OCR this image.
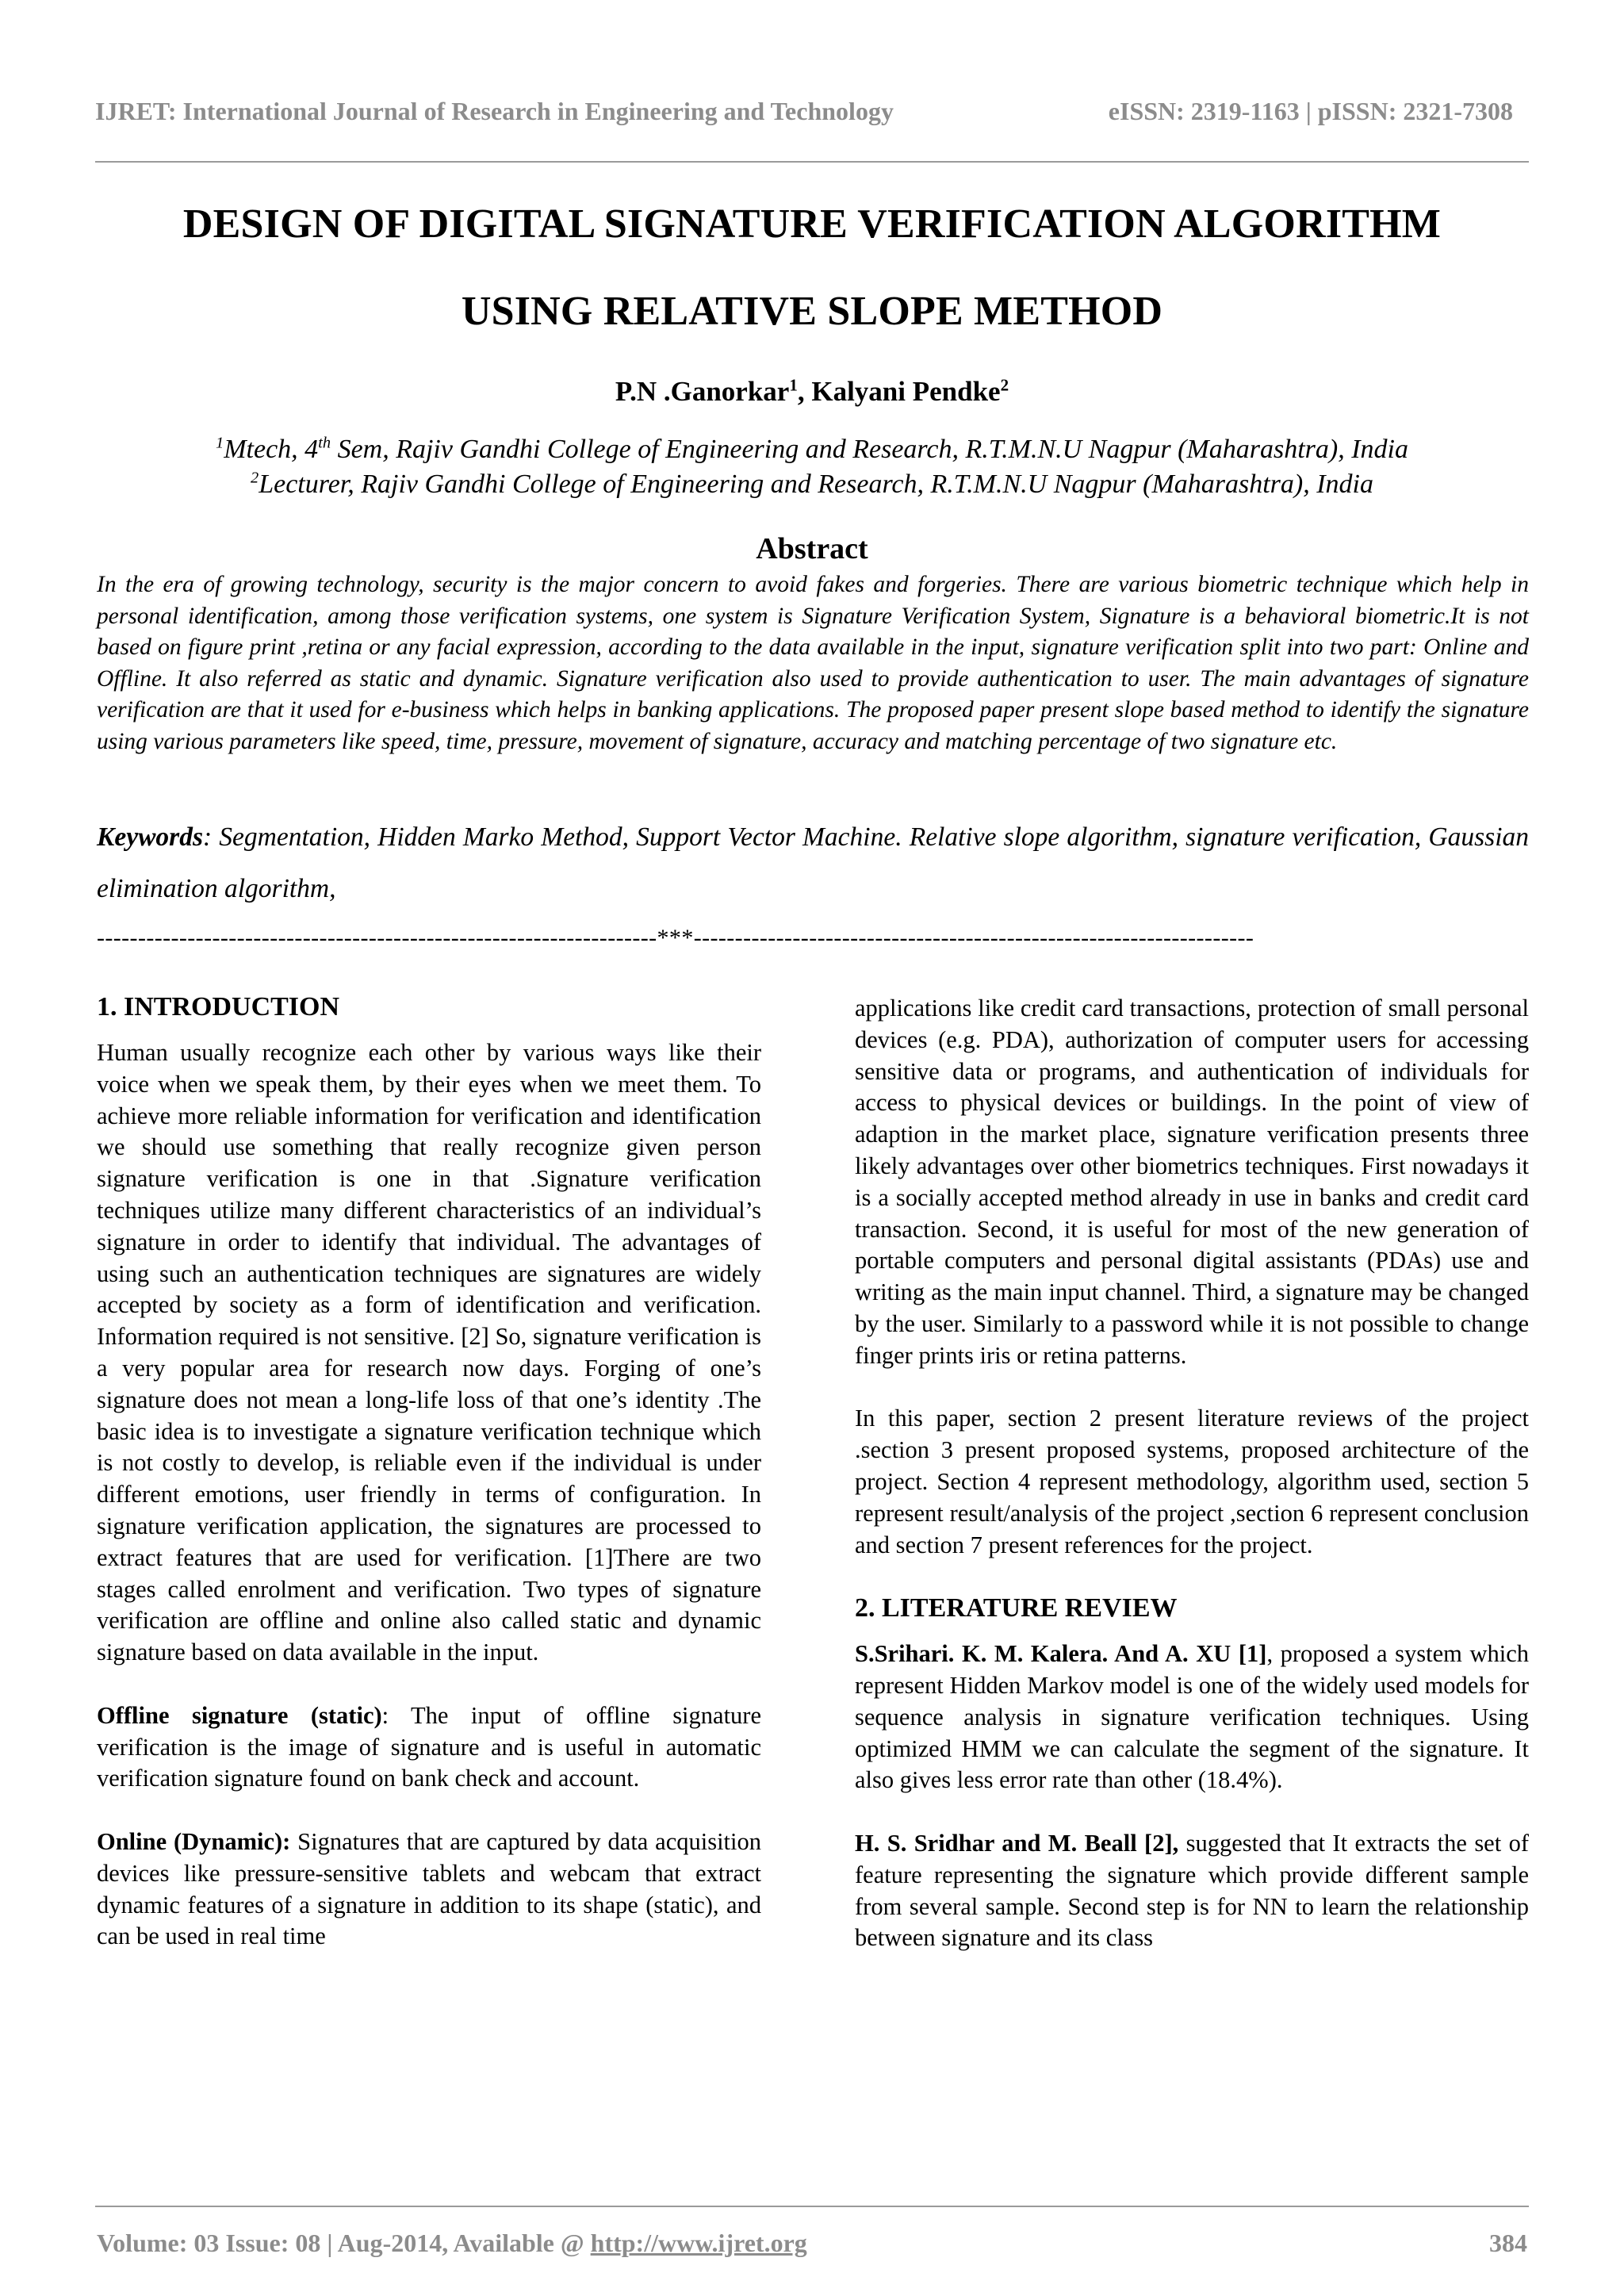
IJRET: International Journal of Research in Engineering and Technology	eISSN: 2319-1163 | pISSN: 2321-7308
DESIGN OF DIGITAL SIGNATURE VERIFICATION ALGORITHM
USING RELATIVE SLOPE METHOD
P.N .Ganorkar$^1$, Kalyani Pendke$^2$
$^1$Mtech, 4th Sem, Rajiv Gandhi College of Engineering and Research, R.T.M.N.U Nagpur (Maharashtra), India
$^2$Lecturer, Rajiv Gandhi College of Engineering and Research, R.T.M.N.U Nagpur (Maharashtra), India
Abstract
In the era of growing technology, security is the major concern to avoid fakes and forgeries. There are various biometric technique which help in personal identification, among those verification systems, one system is Signature Verification System, Signature is a behavioral biometric.It is not based on figure print ,retina or any facial expression, according to the data available in the input, signature verification split into two part: Online and Offline. It also referred as static and dynamic. Signature verification also used to provide authentication to user. The main advantages of signature verification are that it used for e-business which helps in banking applications. The proposed paper present slope based method to identify the signature using various parameters like speed, time, pressure, movement of signature, accuracy and matching percentage of two signature etc.
Keywords: Segmentation, Hidden Marko Method, Support Vector Machine. Relative slope algorithm, signature verification, Gaussian elimination algorithm,
--------------------------------------------------------------------***--------------------------------------------------------------------
1. INTRODUCTION

Human usually recognize each other by various ways like their voice when we speak them, by their eyes when we meet them. To achieve more reliable information for verification and identification we should use something that really recognize given person signature verification is one in that .Signature verification techniques utilize many different characteristics of an individual’s signature in order to identify that individual. The advantages of using such an authentication techniques are signatures are widely accepted by society as a form of identification and verification. Information required is not sensitive. [2] So, signature verification is a very popular area for research now days. Forging of one’s signature does not mean a long-life loss of that one’s identity .The basic idea is to investigate a signature verification technique which is not costly to develop, is reliable even if the individual is under different emotions, user friendly in terms of configuration. In signature verification application, the signatures are processed to extract features that are used for verification. [1]There are two stages called enrolment and verification. Two types of signature verification are offline and online also called static and dynamic signature based on data available in the input.

Offline signature (static): The input of offline signature verification is the image of signature and is useful in automatic verification signature found on bank check and account.

Online (Dynamic): Signatures that are captured by data acquisition devices like pressure-sensitive tablets and webcam that extract dynamic features of a signature in addition to its shape (static), and can be used in real time

applications like credit card transactions, protection of small personal devices (e.g. PDA), authorization of computer users for accessing sensitive data or programs, and authentication of individuals for access to physical devices or buildings. In the point of view of adaption in the market place, signature verification presents three likely advantages over other biometrics techniques. First nowadays it is a socially accepted method already in use in banks and credit card transaction. Second, it is useful for most of the new generation of portable computers and personal digital assistants (PDAs) use and writing as the main input channel. Third, a signature may be changed by the user. Similarly to a password while it is not possible to change finger prints iris or retina patterns.

In this paper, section 2 present literature reviews of the project .section 3 present proposed systems, proposed architecture of the project. Section 4 represent methodology, algorithm used, section 5 represent result/analysis of the project ,section 6 represent conclusion and section 7 present references for the project.

2. LITERATURE REVIEW

S.Srihari. K. M. Kalera. And A. XU [1], proposed a system which represent Hidden Markov model is one of the widely used models for sequence analysis in signature verification techniques. Using optimized HMM we can calculate the segment of the signature. It also gives less error rate than other (18.4%).

H. S. Sridhar and M. Beall [2], suggested that It extracts the set of feature representing the signature which provide different sample from several sample. Second step is for NN to learn the relationship between signature and its class

Volume: 03 Issue: 08 | Aug-2014, Available @ http://www.ijret.org	384
